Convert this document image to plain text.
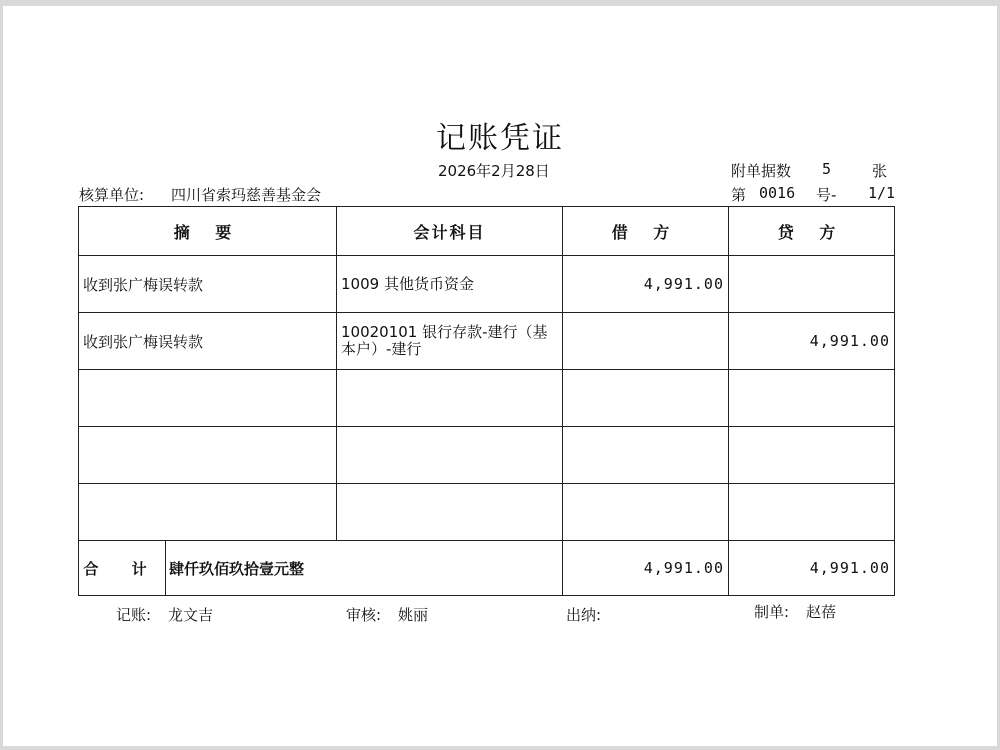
记账凭证
2026年2月28日	附单据数 5	张
核算单位: 四川省索玛慈善基金会	第 0016 号- 1/1
摘 要	会计科目	借 方	贷 方
收到张广梅误转款	1009 其他货币资金	4,991.00	
收到张广梅误转款	10020101 银行存款-建行（基本户）-建行		4,991.00

合 计 肆仟玖佰玖拾壹元整		4,991.00	4,991.00
记账: 龙文吉	审核: 姚丽	出纳:	制单: 赵蓓
